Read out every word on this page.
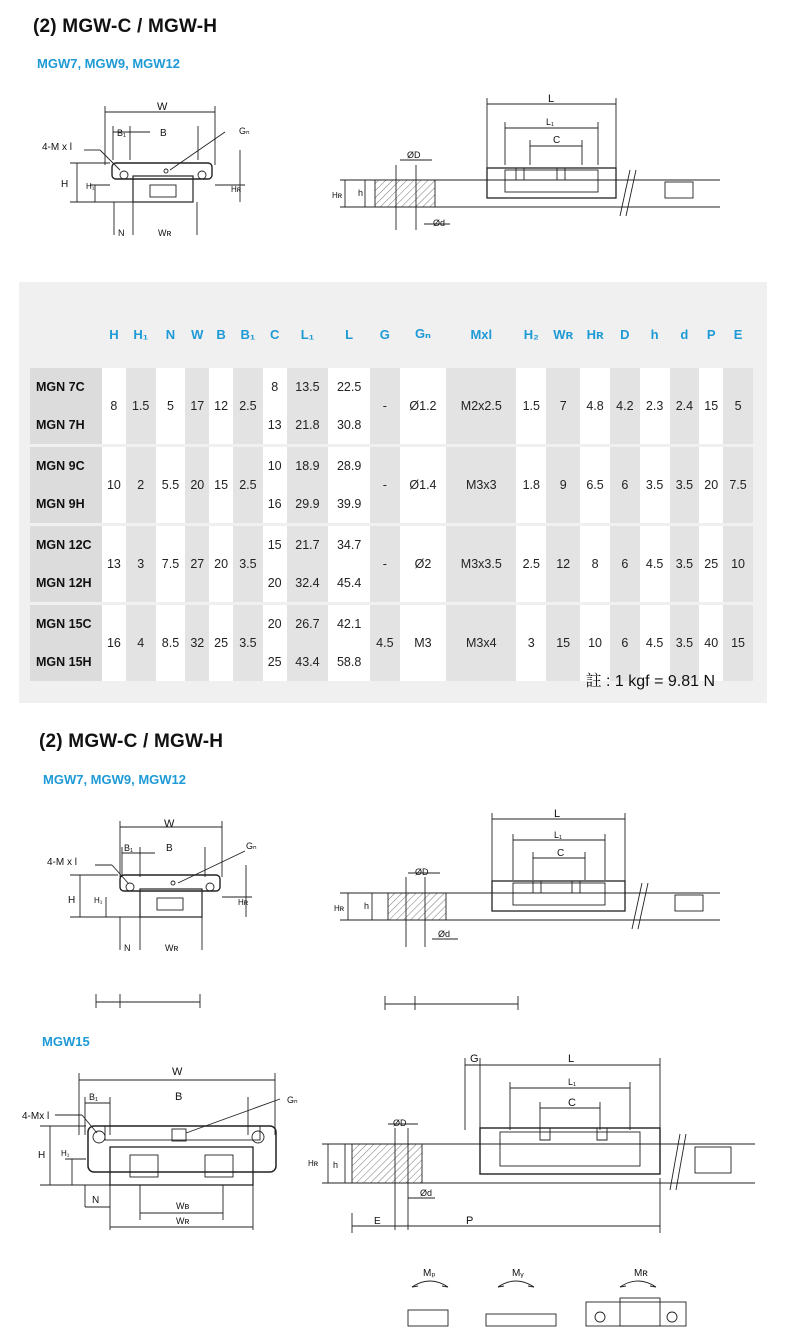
(2) MGW-C / MGW-H
MGW7, MGW9, MGW12
W
B₁	B	Gₙ
4-M x l
H H₁	Hʀ
N	Wʀ
L
L₁
C
ØD
Ød
Hʀ h
	H	H₁	N	W	B	B₁	C	L₁	L	G	Gₙ	Mxl	H₂	Wʀ	Hʀ	D	h	d	P	E
MGN 7C	8	1.5	5	17	12	2.5	8	13.5	22.5	-	Ø1.2	M2x2.5	1.5	7	4.8	4.2	2.3	2.4	15	5
MGN 7H							13	21.8	30.8											

MGN 9C	10	2	5.5	20	15	2.5	10	18.9	28.9	-	Ø1.4	M3x3	1.8	9	6.5	6	3.5	3.5	20	7.5
MGN 9H							16	29.9	39.9											

MGN 12C	13	3	7.5	27	20	3.5	15	21.7	34.7	-	Ø2	M3x3.5	2.5	12	8	6	4.5	3.5	25	10
MGN 12H							20	32.4	45.4											

MGN 15C	16	4	8.5	32	25	3.5	20	26.7	42.1	4.5	M3	M3x4	3	15	10	6	4.5	3.5	40	15
MGN 15H							25	43.4	58.8											
註 : 1 kgf = 9.81 N
(2) MGW-C / MGW-H
MGW7, MGW9, MGW12
W
B₁	B	Gₙ
4-M x l
H H₁	Hʀ
N	Wʀ
L
L₁
C
ØD
Ød
Hʀ h
MGW15
W
B₁	B	Gₙ
4-Mx l
H H₁
N	Wʙ
Wʀ
G	L
L₁
C
ØD
Ød
Hʀ h
E	P
Mₚ	Mᵧ	Mʀ
